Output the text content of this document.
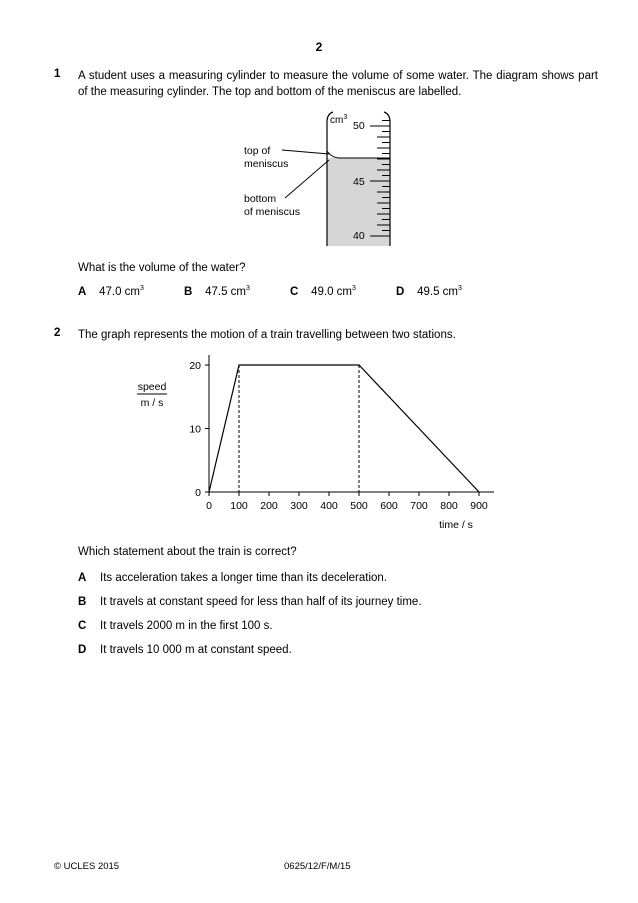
2
1 A student uses a measuring cylinder to measure the volume of some water. The diagram shows part of the measuring cylinder. The top and bottom of the meniscus are labelled.
$cm^3$
50
45
40
top of
meniscus
bottom
of meniscus
What is the volume of the water?
A 47.0 $cm^3$	B 47.5 $cm^3$	C 49.0 $cm^3$	D 49.5 $cm^3$
2 The graph represents the motion of a train travelling between two stations.
speed
m / s
time / s
0 100 200 300 400 500 600 700 800 900
0
10
20
Which statement about the train is correct?
A Its acceleration takes a longer time than its deceleration.
B It travels at constant speed for less than half of its journey time.
C It travels 2000 m in the first 100 s.
D It travels 10 000 m at constant speed.
© UCLES 2015	0625/12/F/M/15
